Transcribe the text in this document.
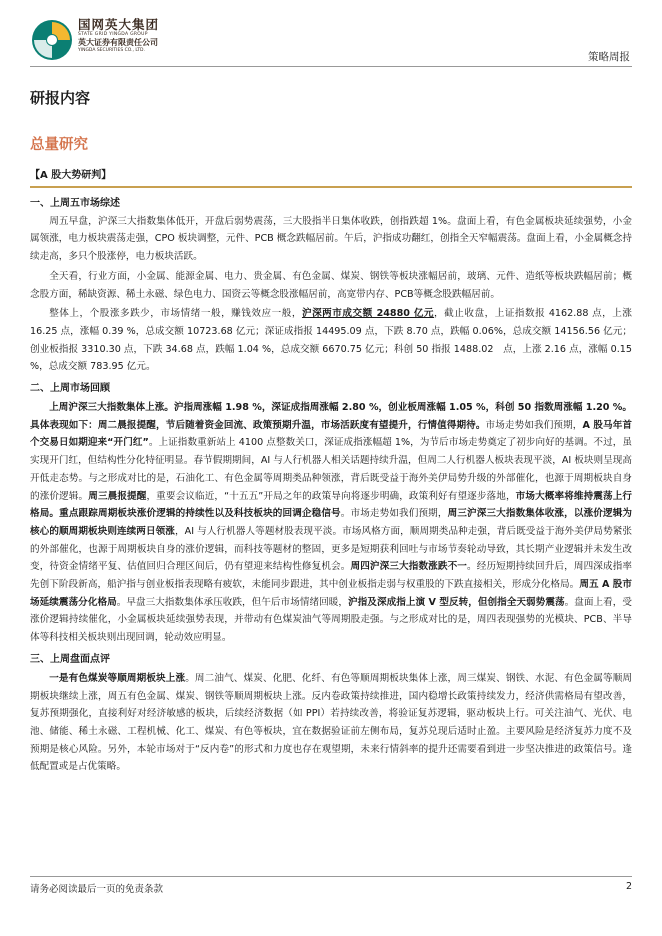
国网英大集团
STATE GRID YINGDA GROUP
英大证券有限责任公司
YINGDA SECURITIES CO., LTD.
策略周报
研报内容
总量研究
【A 股大势研判】
一、上周五市场综述
周五早盘，沪深三大指数集体低开，开盘后弱势震荡，三大股指半日集体收跌，创指跌超 1%。盘面上看，有色金属板块延续强势，小金属领涨，电力板块震荡走强，CPO 板块调整，元件、PCB 概念跌幅居前。午后，沪指成功翻红，创指全天窄幅震荡。盘面上看，小金属概念持续走高，多只个股涨停，电力板块活跃。
全天看，行业方面，小金属、能源金属、电力、贵金属、有色金属、煤炭、钢铁等板块涨幅居前，玻璃、元件、造纸等板块跌幅居前；概念股方面，稀缺资源、稀土永磁、绿色电力、国资云等概念股涨幅居前，高宽带内存、PCB等概念股跌幅居前。
整体上，个股涨多跌少，市场情绪一般，赚钱效应一般，沪深两市成交额 24880 亿元，截止收盘，上证指数报 4162.88 点，上涨 16.25 点，涨幅 0.39 %，总成交额 10723.68 亿元；深证成指报 14495.09 点，下跌 8.70 点，跌幅 0.06%，总成交额 14156.56 亿元；创业板指报 3310.30 点，下跌 34.68 点，跌幅 1.04 %，总成交额 6670.75 亿元；科创 50 指报 1488.02　点，上涨 2.16 点，涨幅 0.15 %，总成交额 783.95 亿元。
二、上周市场回顾
上周沪深三大指数集体上涨。沪指周涨幅 1.98 %，深证成指周涨幅 2.80 %，创业板周涨幅 1.05 %，科创 50 指数周涨幅 1.20 %。具体表现如下：周二晨报提醒，节后随着资金回流、政策预期升温，市场活跃度有望提升，行情值得期待。市场走势如我们预期，A 股马年首个交易日如期迎来“开门红”。上证指数重新站上 4100 点整数关口，深证成指涨幅超 1%，为节后市场走势奠定了初步向好的基调。不过，虽实现开门红，但结构性分化特征明显。春节假期期间，AI 与人行机器人相关话题持续升温，但周二人行机器人板块表现平淡，AI 板块则呈现高开低走态势。与之形成对比的是，石油化工、有色金属等周期类品种领涨，背后既受益于海外美伊局势升级的外部催化，也源于周期板块自身的涨价逻辑。周三晨报提醒，重要会议临近，“十五五”开局之年的政策导向将逐步明确，政策利好有望逐步落地，市场大概率将维持震荡上行格局。重点跟踪周期板块涨价逻辑的持续性以及科技板块的回调企稳信号。市场走势如我们预期，周三沪深三大指数集体收涨，以涨价逻辑为核心的顺周期板块则连续两日领涨，AI 与人行机器人等题材股表现平淡。市场风格方面，顺周期类品种走强，背后既受益于海外美伊局势紧张的外部催化，也源于周期板块自身的涨价逻辑，而科技等题材的整固，更多是短期获利回吐与市场节奏轮动导致，其长期产业逻辑并未发生改变，待资金情绪平复、估值回归合理区间后，仍有望迎来结构性修复机会。周四沪深三大指数涨跌不一。经历短期持续回升后，周四深成指率先创下阶段新高，船沪指与创业板指表现略有疲软，未能同步跟进，其中创业板指走弱与权重股的下跌直接相关，形成分化格局。周五 A 股市场延续震荡分化格局。早盘三大指数集体承压收跌，但午后市场情绪回暖，沪指及深成指上演 V 型反转，但创指全天弱势震荡。盘面上看，受涨价逻辑持续催化，小金属板块延续强势表现，并带动有色煤炭油气等周期股走强。与之形成对比的是，周四表现强势的光模块、PCB、半导体等科技相关板块则出现回调，轮动效应明显。
三、上周盘面点评
一是有色煤炭等顺周期板块上涨。周二油气、煤炭、化肥、化纤、有色等顺周期板块集体上涨，周三煤炭、钢铁、水泥、有色金属等顺周期板块继续上涨，周五有色金属、煤炭、钢铁等顺周期板块上涨。反内卷政策持续推进，国内稳增长政策持续发力，经济供需格局有望改善，复苏预期强化，直接利好对经济敏感的板块，后续经济数据（如 PPI）若持续改善，将验证复苏逻辑，驱动板块上行。可关注油气、光伏、电池、储能、稀土永磁、工程机械、化工、煤炭、有色等板块，宜在数据验证前左侧布局，复苏兑现后适时止盈。主要风险是经济复苏力度不及预期是核心风险。另外，本轮市场对于“反内卷”的形式和力度也存在观望期，未来行情斜率的提升还需要看到进一步坚决推进的政策信号。逢低配置或是占优策略。
请务必阅读最后一页的免责条款	2
